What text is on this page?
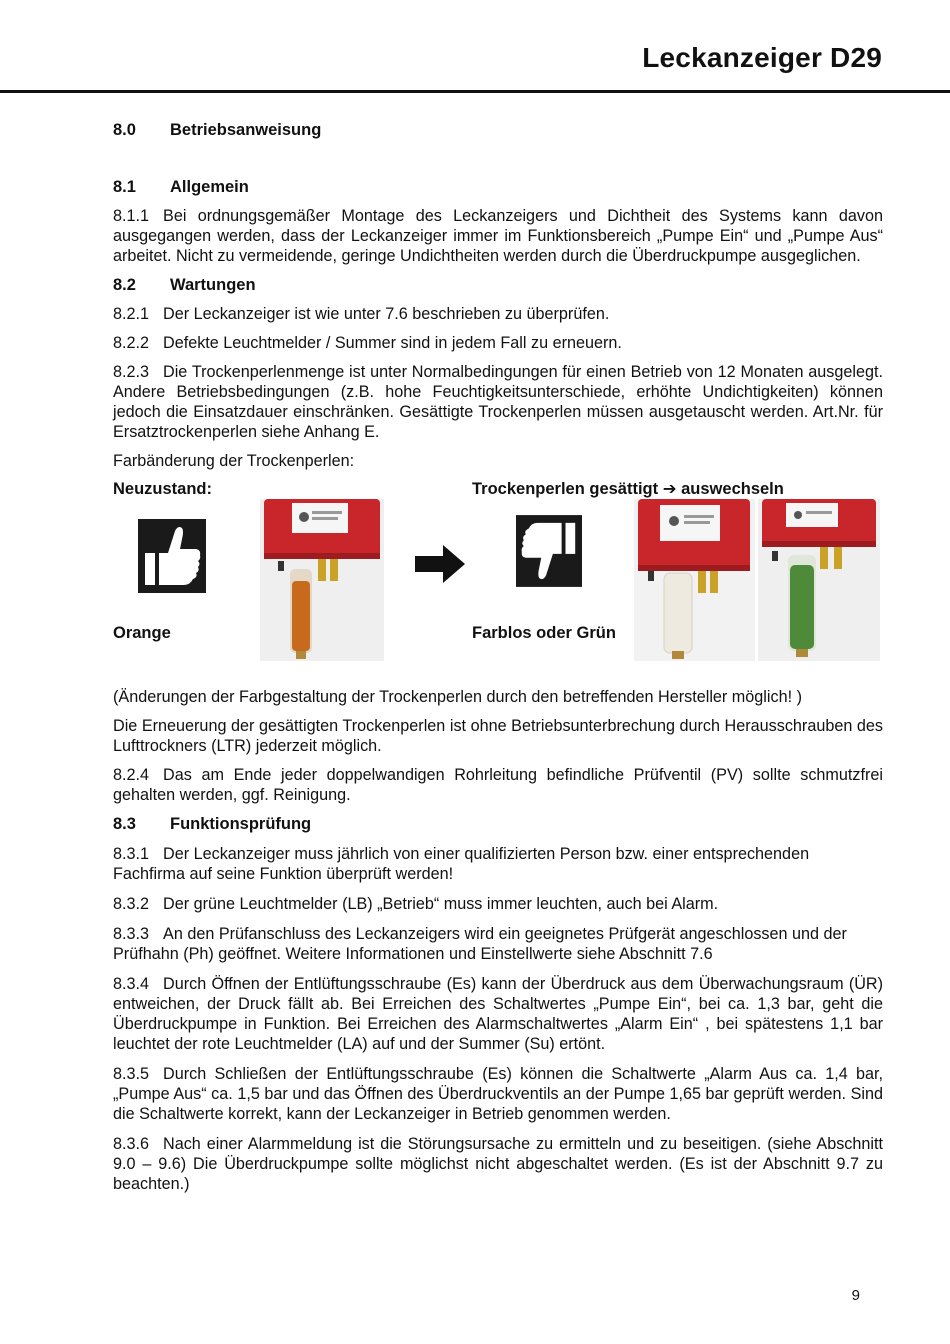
Leckanzeiger D29
8.0 Betriebsanweisung
8.1 Allgemein
8.1.1 Bei ordnungsgemäßer Montage des Leckanzeigers und Dichtheit des Systems kann davon ausgegangen werden, dass der Leckanzeiger immer im Funktionsbereich „Pumpe Ein“ und „Pumpe Aus“ arbeitet. Nicht zu vermeidende, geringe Undichtheiten werden durch die Überdruckpumpe ausgeglichen.
8.2 Wartungen
8.2.1 Der Leckanzeiger ist wie unter 7.6 beschrieben zu überprüfen.
8.2.2 Defekte Leuchtmelder / Summer sind in jedem Fall zu erneuern.
8.2.3 Die Trockenperlenmenge ist unter Normalbedingungen für einen Betrieb von 12 Monaten ausgelegt. Andere Betriebsbedingungen (z.B. hohe Feuchtigkeitsunterschiede, erhöhte Undichtigkeiten) können jedoch die Einsatzdauer einschränken. Gesättigte Trockenperlen müssen ausgetauscht werden. Art.Nr. für Ersatztrockenperlen siehe Anhang E.
Farbänderung der Trockenperlen:
Neuzustand:	Trockenperlen gesättigt ➔ auswechseln
Orange	Farblos oder Grün
(Änderungen der Farbgestaltung der Trockenperlen durch den betreffenden Hersteller möglich! )
Die Erneuerung der gesättigten Trockenperlen ist ohne Betriebsunterbrechung durch Herausschrauben des Lufttrockners (LTR) jederzeit möglich.
8.2.4 Das am Ende jeder doppelwandigen Rohrleitung befindliche Prüfventil (PV) sollte schmutzfrei gehalten werden, ggf. Reinigung.
8.3 Funktionsprüfung
8.3.1 Der Leckanzeiger muss jährlich von einer qualifizierten Person bzw. einer entsprechenden Fachfirma auf seine Funktion überprüft werden!
8.3.2 Der grüne Leuchtmelder (LB) „Betrieb“ muss immer leuchten, auch bei Alarm.
8.3.3 An den Prüfanschluss des Leckanzeigers wird ein geeignetes Prüfgerät angeschlossen und der Prüfhahn (Ph) geöffnet. Weitere Informationen und Einstellwerte siehe Abschnitt 7.6
8.3.4 Durch Öffnen der Entlüftungsschraube (Es) kann der Überdruck aus dem Überwachungsraum (ÜR) entweichen, der Druck fällt ab. Bei Erreichen des Schaltwertes „Pumpe Ein“, bei ca. 1,3 bar, geht die Überdruckpumpe in Funktion. Bei Erreichen des Alarmschaltwertes „Alarm Ein“ , bei spätestens 1,1 bar leuchtet der rote Leuchtmelder (LA) auf und der Summer (Su) ertönt.
8.3.5 Durch Schließen der Entlüftungsschraube (Es) können die Schaltwerte „Alarm Aus ca. 1,4 bar, „Pumpe Aus“ ca. 1,5 bar und das Öffnen des Überdruckventils an der Pumpe 1,65 bar geprüft werden. Sind die Schaltwerte korrekt, kann der Leckanzeiger in Betrieb genommen werden.
8.3.6 Nach einer Alarmmeldung ist die Störungsursache zu ermitteln und zu beseitigen. (siehe Abschnitt 9.0 – 9.6) Die Überdruckpumpe sollte möglichst nicht abgeschaltet werden. (Es ist der Abschnitt 9.7 zu beachten.)
9
